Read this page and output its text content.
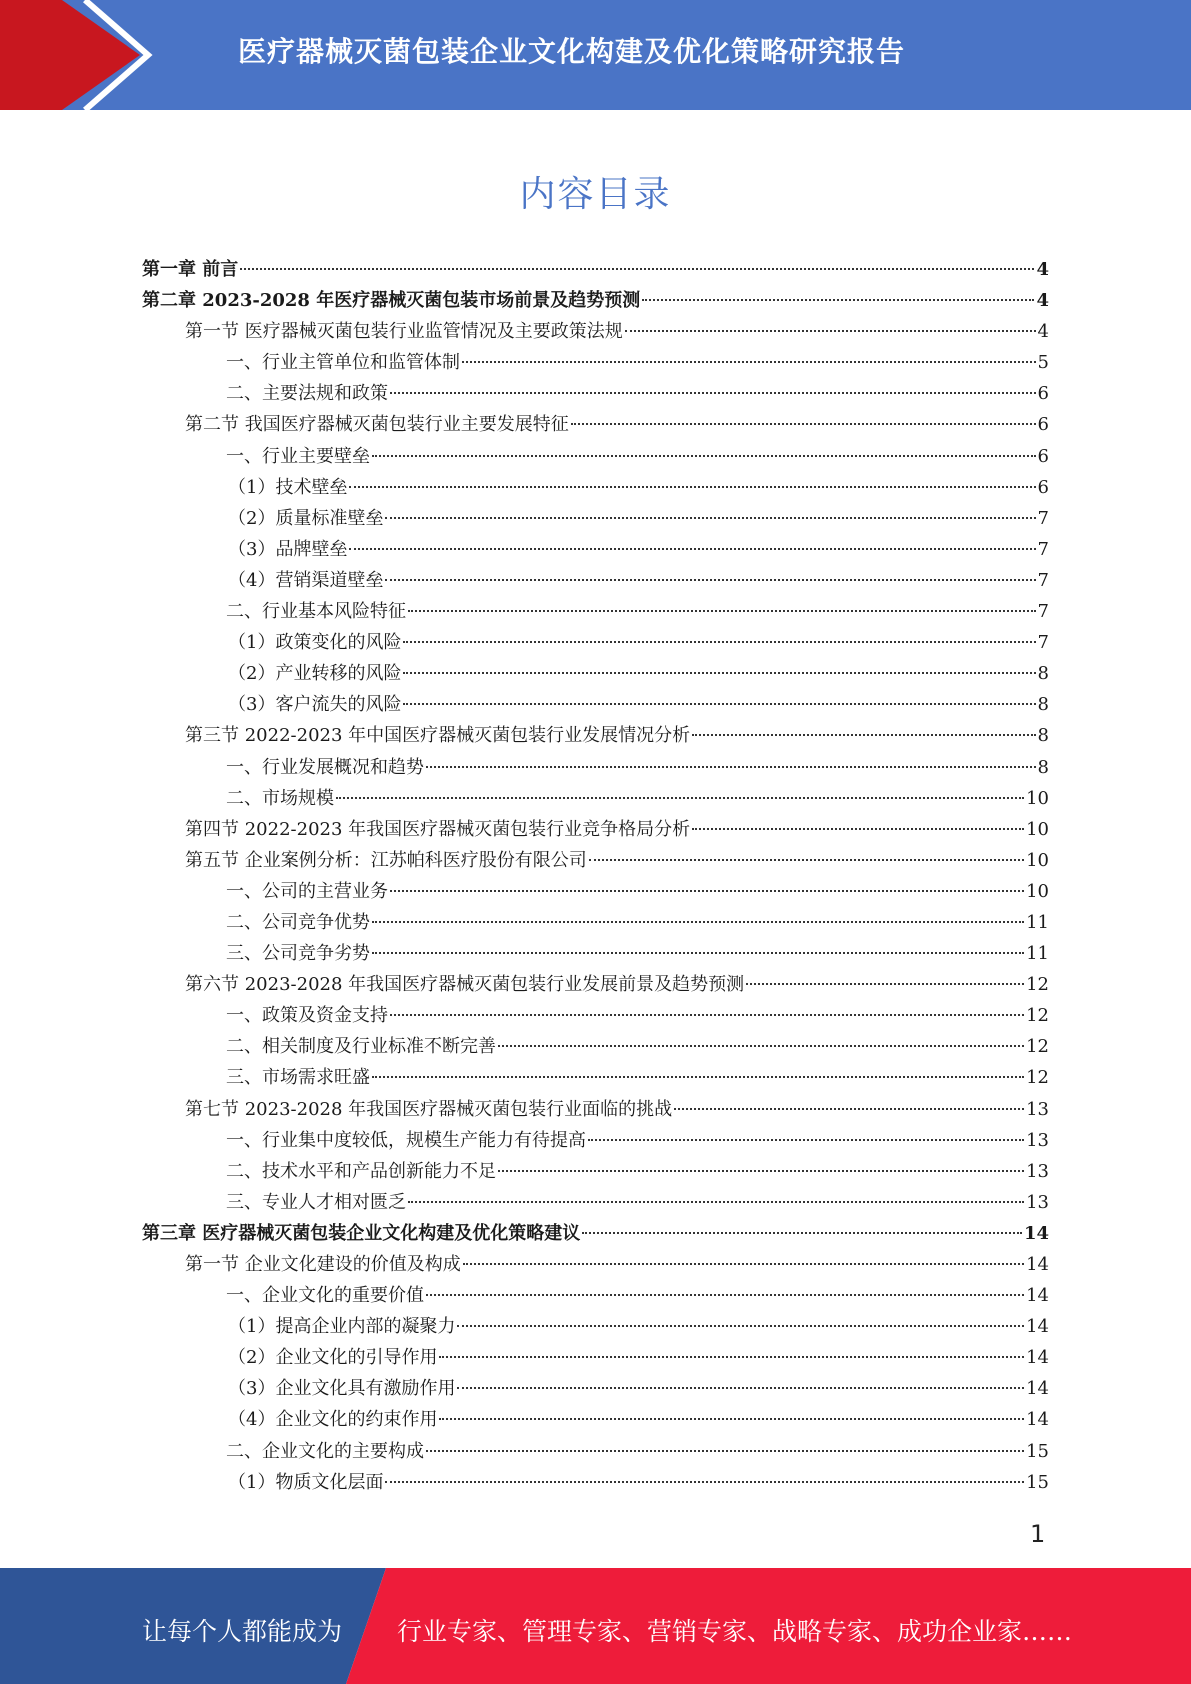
医疗器械灭菌包装企业文化构建及优化策略研究报告
内容目录
第一章 前言	4
第二章 2023-2028 年医疗器械灭菌包装市场前景及趋势预测	4
第一节 医疗器械灭菌包装行业监管情况及主要政策法规	4
一、行业主管单位和监管体制	5
二、主要法规和政策	6
第二节 我国医疗器械灭菌包装行业主要发展特征	6
一、行业主要壁垒	6
（1）技术壁垒	6
（2）质量标准壁垒	7
（3）品牌壁垒	7
（4）营销渠道壁垒	7
二、行业基本风险特征	7
（1）政策变化的风险	7
（2）产业转移的风险	8
（3）客户流失的风险	8
第三节 2022-2023 年中国医疗器械灭菌包装行业发展情况分析	8
一、行业发展概况和趋势	8
二、市场规模	10
第四节 2022-2023 年我国医疗器械灭菌包装行业竞争格局分析	10
第五节 企业案例分析：江苏帕科医疗股份有限公司	10
一、公司的主营业务	10
二、公司竞争优势	11
三、公司竞争劣势	11
第六节 2023-2028 年我国医疗器械灭菌包装行业发展前景及趋势预测	12
一、政策及资金支持	12
二、相关制度及行业标准不断完善	12
三、市场需求旺盛	12
第七节 2023-2028 年我国医疗器械灭菌包装行业面临的挑战	13
一、行业集中度较低，规模生产能力有待提高	13
二、技术水平和产品创新能力不足	13
三、专业人才相对匮乏	13
第三章 医疗器械灭菌包装企业文化构建及优化策略建议	14
第一节 企业文化建设的价值及构成	14
一、企业文化的重要价值	14
（1）提高企业内部的凝聚力	14
（2）企业文化的引导作用	14
（3）企业文化具有激励作用	14
（4）企业文化的约束作用	14
二、企业文化的主要构成	15
（1）物质文化层面	15
1
让每个人都能成为 行业专家、管理专家、营销专家、战略专家、成功企业家……
